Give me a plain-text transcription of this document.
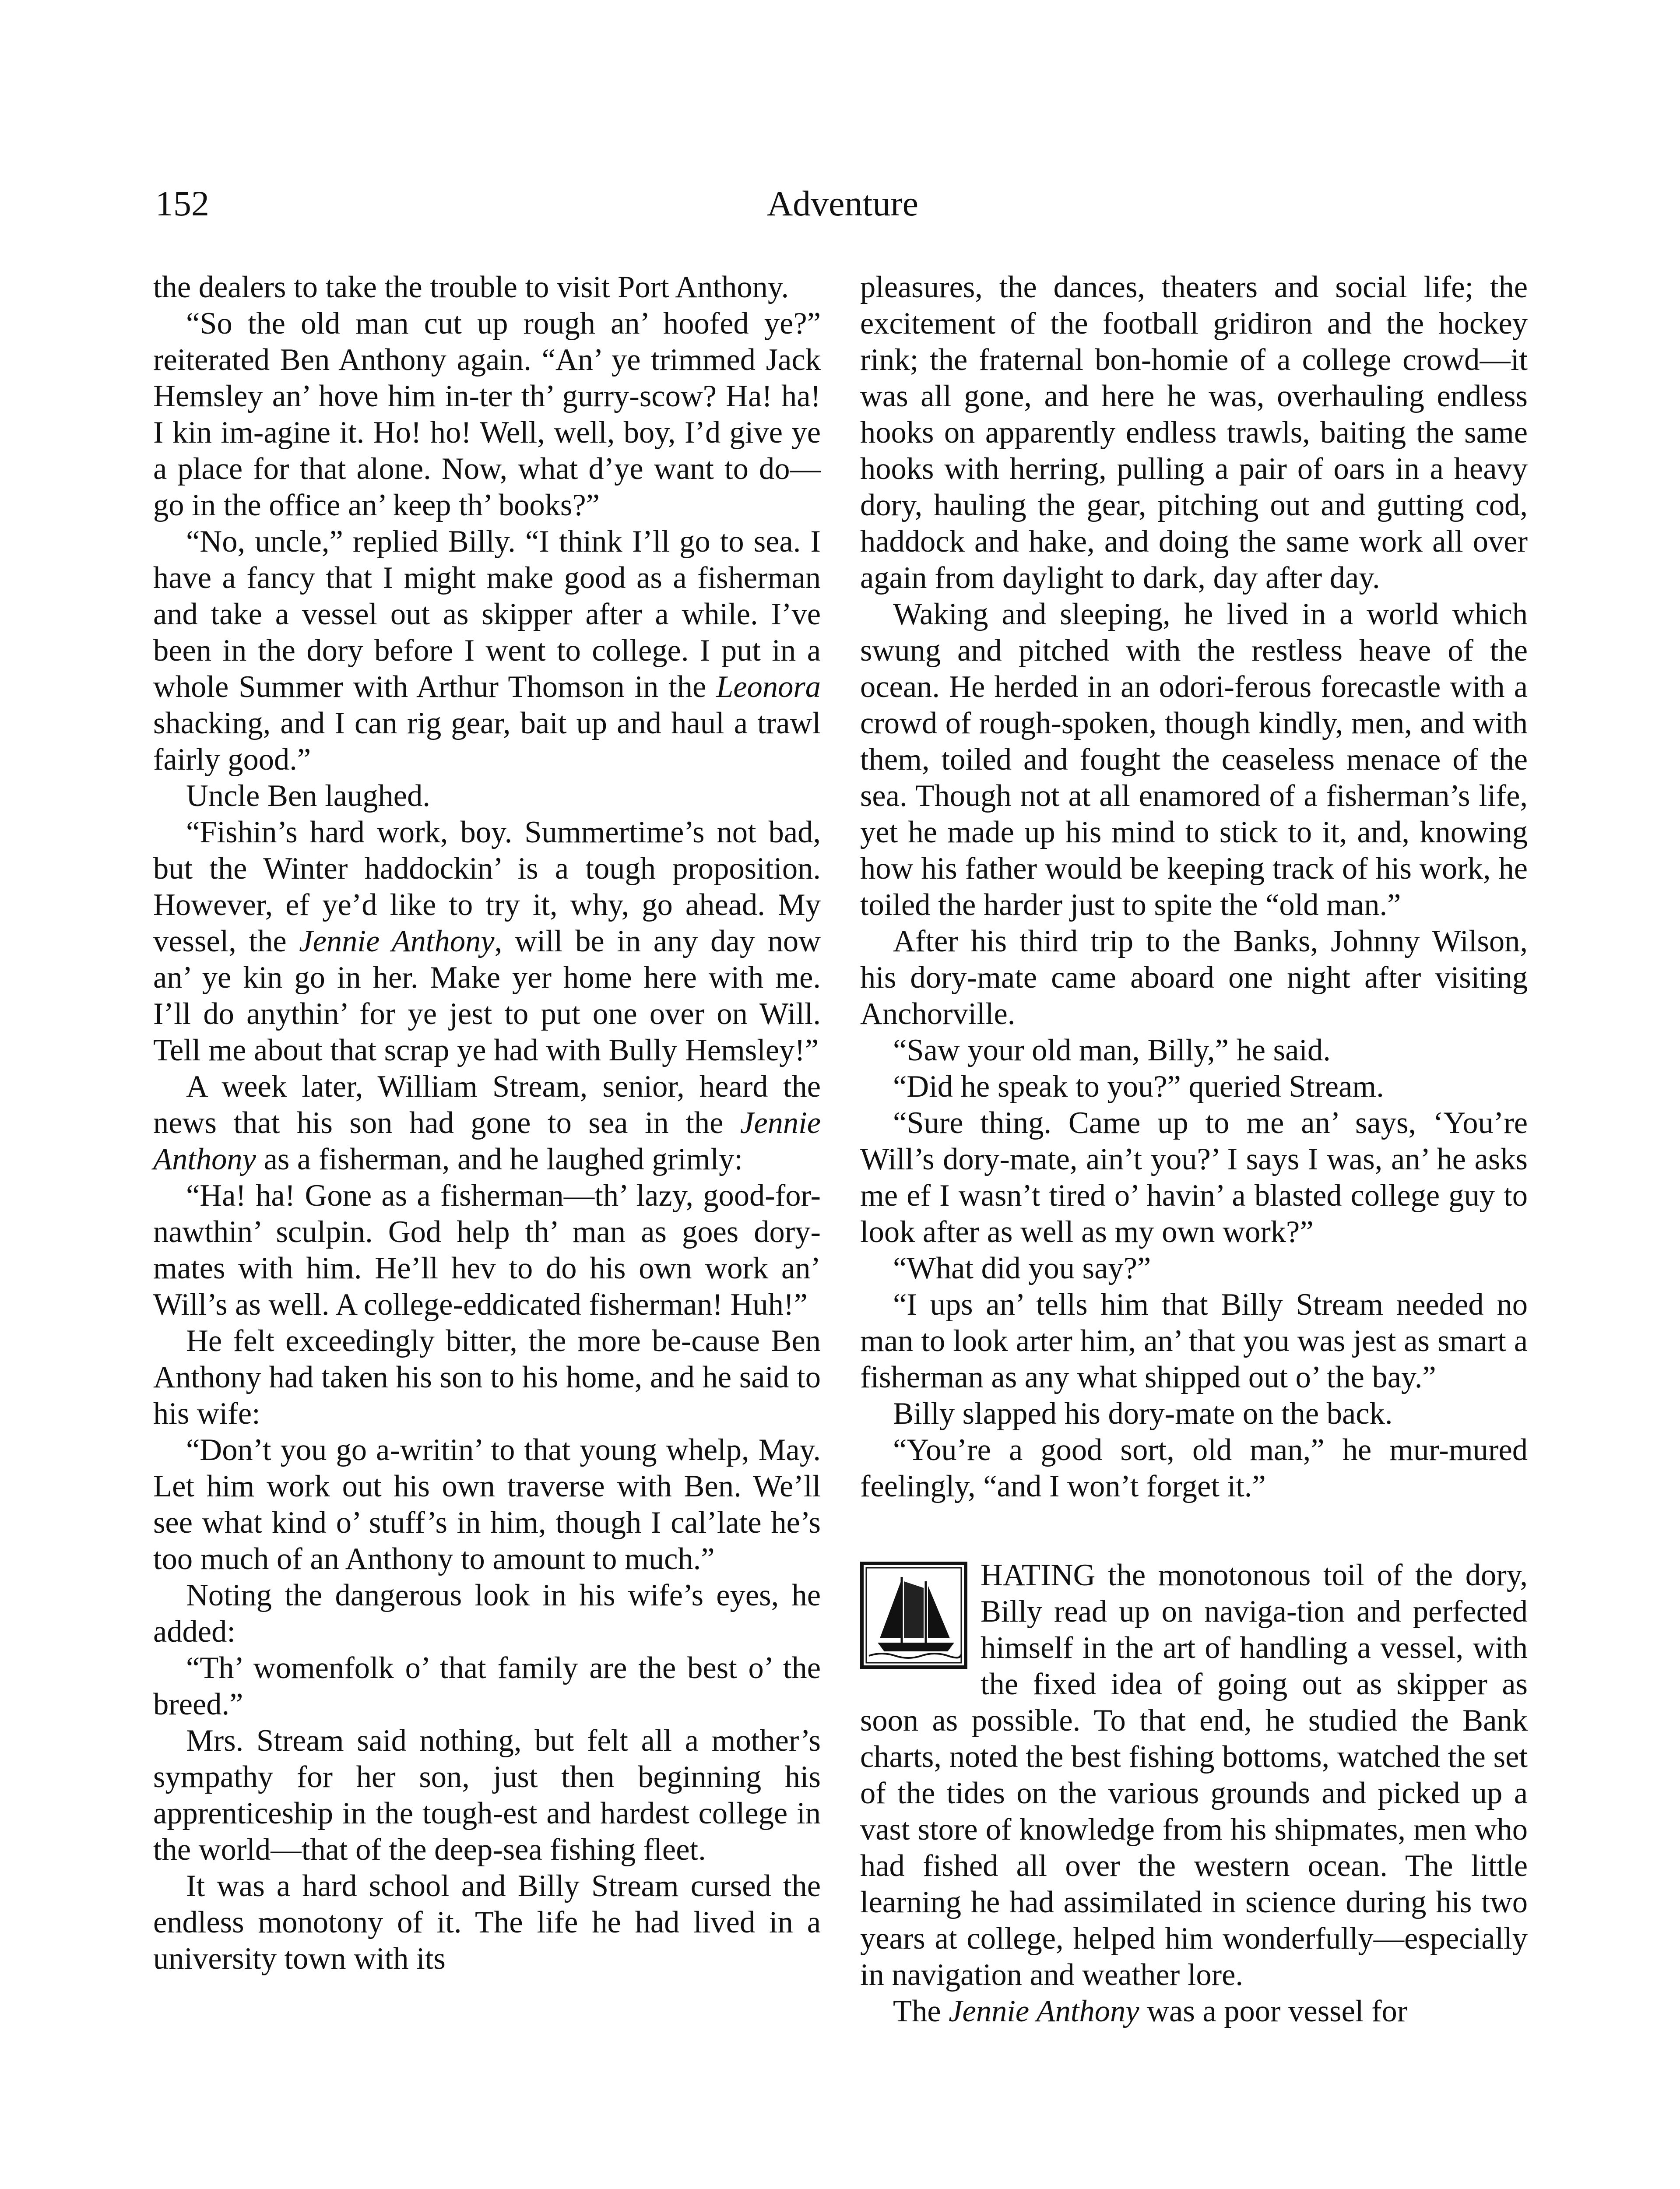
152	Adventure

the dealers to take the trouble to visit Port Anthony.

“So the old man cut up rough an’ hoofed ye?” reiterated Ben Anthony again. “An’ ye trimmed Jack Hemsley an’ hove him in-ter th’ gurry-scow? Ha! ha! I kin im-agine it. Ho! ho! Well, well, boy, I’d give ye a place for that alone. Now, what d’ye want to do—go in the office an’ keep th’ books?”

“No, uncle,” replied Billy. “I think I’ll go to sea. I have a fancy that I might make good as a fisherman and take a vessel out as skipper after a while. I’ve been in the dory before I went to college. I put in a whole Summer with Arthur Thomson in the Leonora shacking, and I can rig gear, bait up and haul a trawl fairly good.”

Uncle Ben laughed.

“Fishin’s hard work, boy. Summertime’s not bad, but the Winter haddockin’ is a tough proposition. However, ef ye’d like to try it, why, go ahead. My vessel, the Jennie Anthony, will be in any day now an’ ye kin go in her. Make yer home here with me. I’ll do anythin’ for ye jest to put one over on Will. Tell me about that scrap ye had with Bully Hemsley!”

A week later, William Stream, senior, heard the news that his son had gone to sea in the Jennie Anthony as a fisherman, and he laughed grimly:

“Ha! ha! Gone as a fisherman—th’ lazy, good-for-nawthin’ sculpin. God help th’ man as goes dory-mates with him. He’ll hev to do his own work an’ Will’s as well. A college-eddicated fisherman! Huh!”

He felt exceedingly bitter, the more be-cause Ben Anthony had taken his son to his home, and he said to his wife:

“Don’t you go a-writin’ to that young whelp, May. Let him work out his own traverse with Ben. We’ll see what kind o’ stuff’s in him, though I cal’late he’s too much of an Anthony to amount to much.”

Noting the dangerous look in his wife’s eyes, he added:

“Th’ womenfolk o’ that family are the best o’ the breed.”

Mrs. Stream said nothing, but felt all a mother’s sympathy for her son, just then beginning his apprenticeship in the tough-est and hardest college in the world—that of the deep-sea fishing fleet.

It was a hard school and Billy Stream cursed the endless monotony of it. The life he had lived in a university town with its

pleasures, the dances, theaters and social life; the excitement of the football gridiron and the hockey rink; the fraternal bon-homie of a college crowd—it was all gone, and here he was, overhauling endless hooks on apparently endless trawls, baiting the same hooks with herring, pulling a pair of oars in a heavy dory, hauling the gear, pitching out and gutting cod, haddock and hake, and doing the same work all over again from daylight to dark, day after day.

Waking and sleeping, he lived in a world which swung and pitched with the restless heave of the ocean. He herded in an odori-ferous forecastle with a crowd of rough-spoken, though kindly, men, and with them, toiled and fought the ceaseless menace of the sea. Though not at all enamored of a fisherman’s life, yet he made up his mind to stick to it, and, knowing how his father would be keeping track of his work, he toiled the harder just to spite the “old man.”

After his third trip to the Banks, Johnny Wilson, his dory-mate came aboard one night after visiting Anchorville.

“Saw your old man, Billy,” he said.

“Did he speak to you?” queried Stream.

“Sure thing. Came up to me an’ says, ‘You’re Will’s dory-mate, ain’t you?’ I says I was, an’ he asks me ef I wasn’t tired o’ havin’ a blasted college guy to look after as well as my own work?”

“What did you say?”

“I ups an’ tells him that Billy Stream needed no man to look arter him, an’ that you was jest as smart a fisherman as any what shipped out o’ the bay.”

Billy slapped his dory-mate on the back.

“You’re a good sort, old man,” he mur-mured feelingly, “and I won’t forget it.”

HATING the monotonous toil of the dory, Billy read up on naviga-tion and perfected himself in the art of handling a vessel, with the fixed idea of going out as skipper as soon as possible. To that end, he studied the Bank charts, noted the best fishing bottoms, watched the set of the tides on the various grounds and picked up a vast store of knowledge from his shipmates, men who had fished all over the western ocean. The little learning he had assimilated in science during his two years at college, helped him wonderfully—especially in navigation and weather lore.

The Jennie Anthony was a poor vessel for
